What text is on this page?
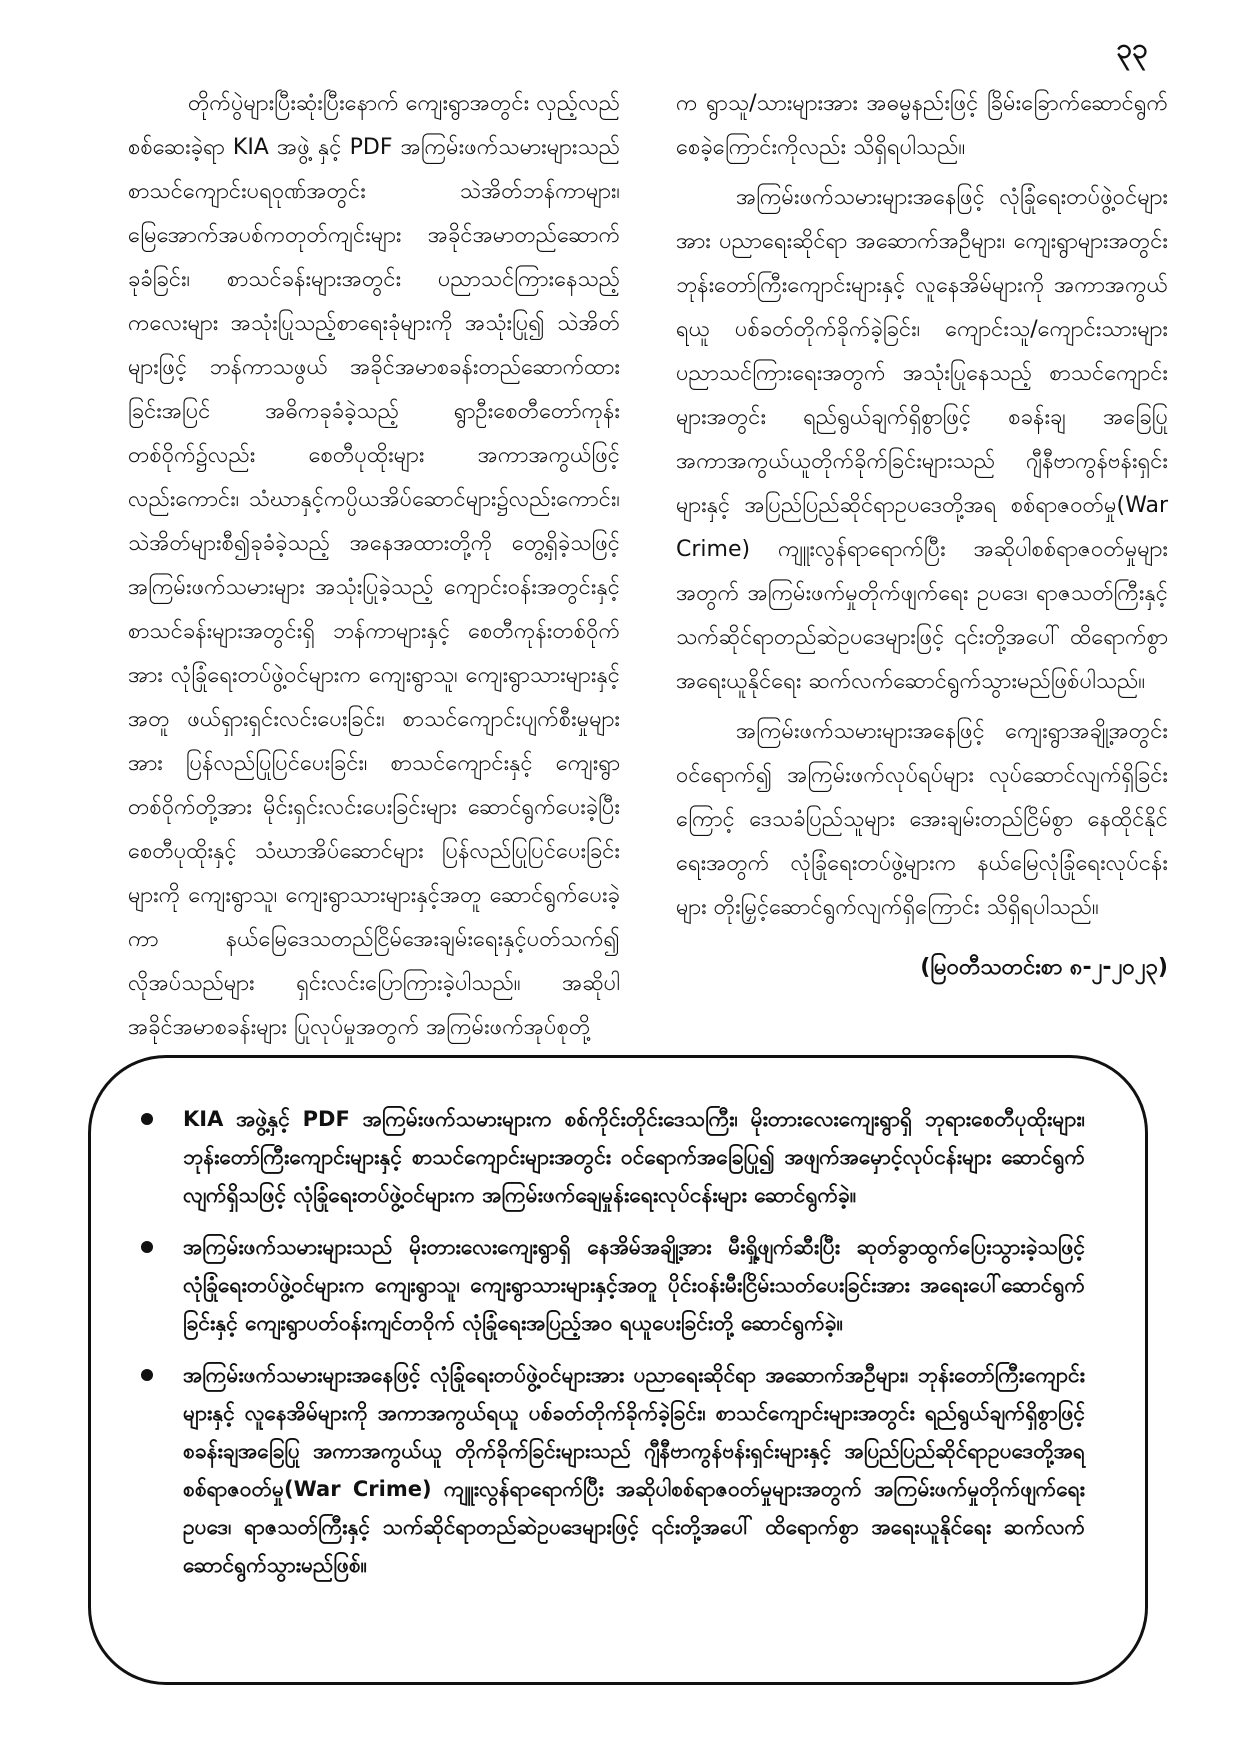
၃၃

တိုက်ပွဲများပြီးဆုံးပြီးနောက် ကျေးရွာအတွင်း လှည့်လည်စစ်ဆေးခဲ့ရာ KIA အဖွဲ့ နှင့် PDF အကြမ်းဖက်သမားများသည် စာသင်ကျောင်းပရဝုဏ်အတွင်း သဲအိတ်ဘန်ကာများ၊ မြေအောက်အပစ်ကတုတ်ကျင်းများ အခိုင်အမာတည်ဆောက်ခုခံခြင်း၊ စာသင်ခန်းများအတွင်း ပညာသင်ကြားနေသည့်ကလေးများ အသုံးပြုသည့်စာရေးခုံများကို အသုံးပြု၍ သဲအိတ်များဖြင့် ဘန်ကာသဖွယ် အခိုင်အမာစခန်းတည်ဆောက်ထားခြင်းအပြင် အဓိကခုခံခဲ့သည့် ရွာဦးစေတီတော်ကုန်းတစ်ဝိုက်၌လည်း စေတီပုထိုးများ အကာအကွယ်ဖြင့်လည်းကောင်း၊ သံဃာနှင့်ကပ္ပိယအိပ်ဆောင်များ၌လည်းကောင်း၊ သဲအိတ်များစီ၍ခုခံခဲ့သည့် အနေအထားတို့ကို တွေ့ရှိခဲ့သဖြင့် အကြမ်းဖက်သမားများ အသုံးပြုခဲ့သည့် ကျောင်းဝန်းအတွင်းနှင့် စာသင်ခန်းများအတွင်းရှိ ဘန်ကာများနှင့် စေတီကုန်းတစ်ဝိုက်အား လုံခြုံရေးတပ်ဖွဲ့ဝင်များက ကျေးရွာသူ၊ ကျေးရွာသားများနှင့်အတူ ဖယ်ရှားရှင်းလင်းပေးခြင်း၊ စာသင်ကျောင်းပျက်စီးမှုများအား ပြန်လည်ပြုပြင်ပေးခြင်း၊ စာသင်ကျောင်းနှင့် ကျေးရွာတစ်ဝိုက်တို့အား မိုင်းရှင်းလင်းပေးခြင်းများ ဆောင်ရွက်ပေးခဲ့ပြီး စေတီပုထိုးနှင့် သံဃာအိပ်ဆောင်များ ပြန်လည်ပြုပြင်ပေးခြင်းများကို ကျေးရွာသူ၊ ကျေးရွာသားများနှင့်အတူ ဆောင်ရွက်ပေးခဲ့ကာ နယ်မြေဒေသတည်ငြိမ်အေးချမ်းရေးနှင့်ပတ်သက်၍ လိုအပ်သည်များ ရှင်းလင်းပြောကြားခဲ့ပါသည်။ အဆိုပါ အခိုင်အမာစခန်းများ ပြုလုပ်မှုအတွက် အကြမ်းဖက်အုပ်စုတို့

က ရွာသူ/သားများအား အဓမ္မနည်းဖြင့် ခြိမ်းခြောက်ဆောင်ရွက်စေခဲ့ကြောင်းကိုလည်း သိရှိရပါသည်။

အကြမ်းဖက်သမားများအနေဖြင့် လုံခြုံရေးတပ်ဖွဲ့ဝင်များအား ပညာရေးဆိုင်ရာ အဆောက်အဦများ၊ ကျေးရွာများအတွင်း ဘုန်းတော်ကြီးကျောင်းများနှင့် လူနေအိမ်များကို အကာအကွယ်ရယူ ပစ်ခတ်တိုက်ခိုက်ခဲ့ခြင်း၊ ကျောင်းသူ/ကျောင်းသားများ ပညာသင်ကြားရေးအတွက် အသုံးပြုနေသည့် စာသင်ကျောင်းများအတွင်း ရည်ရွယ်ချက်ရှိစွာဖြင့် စခန်းချ အခြေပြု အကာအကွယ်ယူတိုက်ခိုက်ခြင်းများသည် ဂျီနီဗာကွန်ဗန်းရှင်းများနှင့် အပြည်ပြည်ဆိုင်ရာဥပဒေတို့အရ စစ်ရာဇဝတ်မှု(War Crime) ကျူးလွန်ရာရောက်ပြီး အဆိုပါစစ်ရာဇဝတ်မှုများအတွက် အကြမ်းဖက်မှုတိုက်ဖျက်ရေး ဥပဒေ၊ ရာဇသတ်ကြီးနှင့် သက်ဆိုင်ရာတည်ဆဲဥပဒေများဖြင့် ၎င်းတို့အပေါ် ထိရောက်စွာ အရေးယူနိုင်ရေး ဆက်လက်ဆောင်ရွက်သွားမည်ဖြစ်ပါသည်။

အကြမ်းဖက်သမားများအနေဖြင့် ကျေးရွာအချို့အတွင်း ဝင်ရောက်၍ အကြမ်းဖက်လုပ်ရပ်များ လုပ်ဆောင်လျက်ရှိခြင်းကြောင့် ဒေသခံပြည်သူများ အေးချမ်းတည်ငြိမ်စွာ နေထိုင်နိုင်ရေးအတွက် လုံခြုံရေးတပ်ဖွဲ့များက နယ်မြေလုံခြုံရေးလုပ်ငန်းများ တိုးမြှင့်ဆောင်ရွက်လျက်ရှိကြောင်း သိရှိရပါသည်။

(မြဝတီသတင်းစာ ၈-၂-၂၀၂၃)

KIA အဖွဲ့နှင့် PDF အကြမ်းဖက်သမားများက စစ်ကိုင်းတိုင်းဒေသကြီး၊ မိုးတားလေးကျေးရွာရှိ ဘုရားစေတီပုထိုးများ၊ ဘုန်းတော်ကြီးကျောင်းများနှင့် စာသင်ကျောင်းများအတွင်း ဝင်ရောက်အခြေပြု၍ အဖျက်အမှောင့်လုပ်ငန်းများ ဆောင်ရွက်လျက်ရှိသဖြင့် လုံခြုံရေးတပ်ဖွဲ့ဝင်များက အကြမ်းဖက်ချေမှုန်းရေးလုပ်ငန်းများ ဆောင်ရွက်ခဲ့။
အကြမ်းဖက်သမားများသည် မိုးတားလေးကျေးရွာရှိ နေအိမ်အချို့အား မီးရှို့ဖျက်ဆီးပြီး ဆုတ်ခွာထွက်ပြေးသွားခဲ့သဖြင့် လုံခြုံရေးတပ်ဖွဲ့ဝင်များက ကျေးရွာသူ၊ ကျေးရွာသားများနှင့်အတူ ပိုင်းဝန်းမီးငြိမ်းသတ်ပေးခြင်းအား အရေးပေါ်ဆောင်ရွက်ခြင်းနှင့် ကျေးရွာပတ်ဝန်းကျင်တဝိုက် လုံခြုံရေးအပြည့်အဝ ရယူပေးခြင်းတို့ ဆောင်ရွက်ခဲ့။
အကြမ်းဖက်သမားများအနေဖြင့် လုံခြုံရေးတပ်ဖွဲ့ဝင်များအား ပညာရေးဆိုင်ရာ အဆောက်အဦများ၊ ဘုန်းတော်ကြီးကျောင်းများနှင့် လူနေအိမ်များကို အကာအကွယ်ရယူ ပစ်ခတ်တိုက်ခိုက်ခဲ့ခြင်း၊ စာသင်ကျောင်းများအတွင်း ရည်ရွယ်ချက်ရှိစွာဖြင့် စခန်းချအခြေပြု အကာအကွယ်ယူ တိုက်ခိုက်ခြင်းများသည် ဂျီနီဗာကွန်ဗန်းရှင်းများနှင့် အပြည်ပြည်ဆိုင်ရာဥပဒေတို့အရ စစ်ရာဇဝတ်မှု(War Crime) ကျူးလွန်ရာရောက်ပြီး အဆိုပါစစ်ရာဇဝတ်မှုများအတွက် အကြမ်းဖက်မှုတိုက်ဖျက်ရေး ဥပဒေ၊ ရာဇသတ်ကြီးနှင့် သက်ဆိုင်ရာတည်ဆဲဥပဒေများဖြင့် ၎င်းတို့အပေါ် ထိရောက်စွာ အရေးယူနိုင်ရေး ဆက်လက်ဆောင်ရွက်သွားမည်ဖြစ်။
